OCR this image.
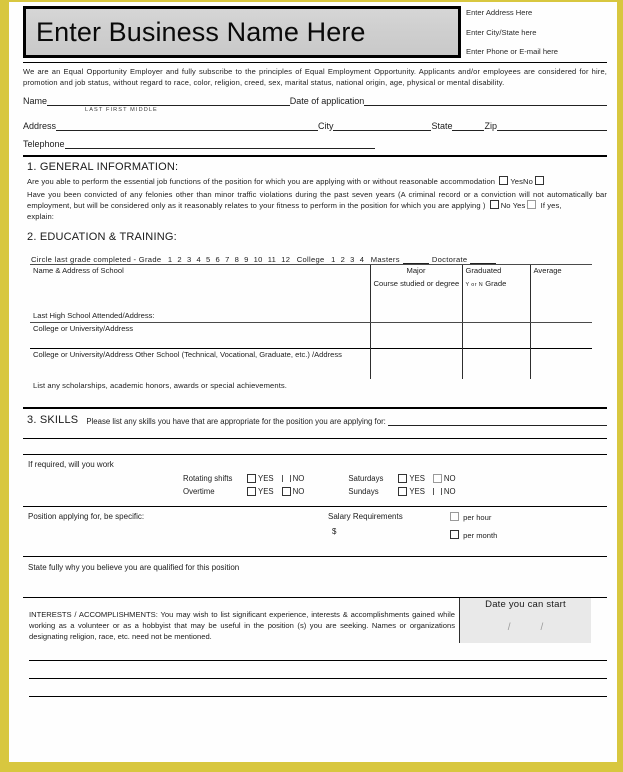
Enter Business Name Here
Enter Address Here
Enter City/State here
Enter Phone or E-mail here
We are an Equal Opportunity Employer and fully subscribe to the principles of Equal Employment Opportunity. Applicants and/or employees are considered for hire, promotion and job status, without regard to race, color, religion, creed, sex, marital status, national origin, age, physical or mental disability.
Name	Date of application
LAST FIRST MIDDLE
Address	City	State	Zip
Telephone
1. GENERAL INFORMATION:
Are you able to perform the essential job functions of the position for which you are applying with or without reasonable accommodation YesNo
Have you been convicted of any felonies other than minor traffic violations during the past seven years (A criminal record or a conviction will not automatically bar employment, but will be considered only as it reasonably relates to your fitness to perform in the position for which you are applying ) No Yes If yes,
explain:
2. EDUCATION & TRAINING:
Circle last grade completed - Grade 1 2 3 4 5 6 7 8 9 10 11 12 College 1 2 3 4 Masters	Doctorate
Name & Address of School	Major	Graduated	Average
	Course studied or degree	Y or N Grade	

Last High School Attended/Address:			
College or University/Address			
College or University/Address Other School (Technical, Vocational, Graduate, etc.) /Address			
List any scholarships, academic honors, awards or special achievements.
3. SKILLS Please list any skills you have that are appropriate for the position you are applying for:
If required, will you work
Rotating shifts	YES NO
Overtime	YES NO
Saturdays	YES NO
Sundays	YES NO
Position applying for, be specific:	Salary Requirements
$
per hour
per month
State fully why you believe you are qualified for this position
INTERESTS / ACCOMPLISHMENTS: You may wish to list significant experience, interests & accomplishments gained while working as a volunteer or as a hobbyist that may be useful in the position (s) you are seeking. Names or organizations designating religion, race, etc. need not be mentioned.
Date you can start
/	/
